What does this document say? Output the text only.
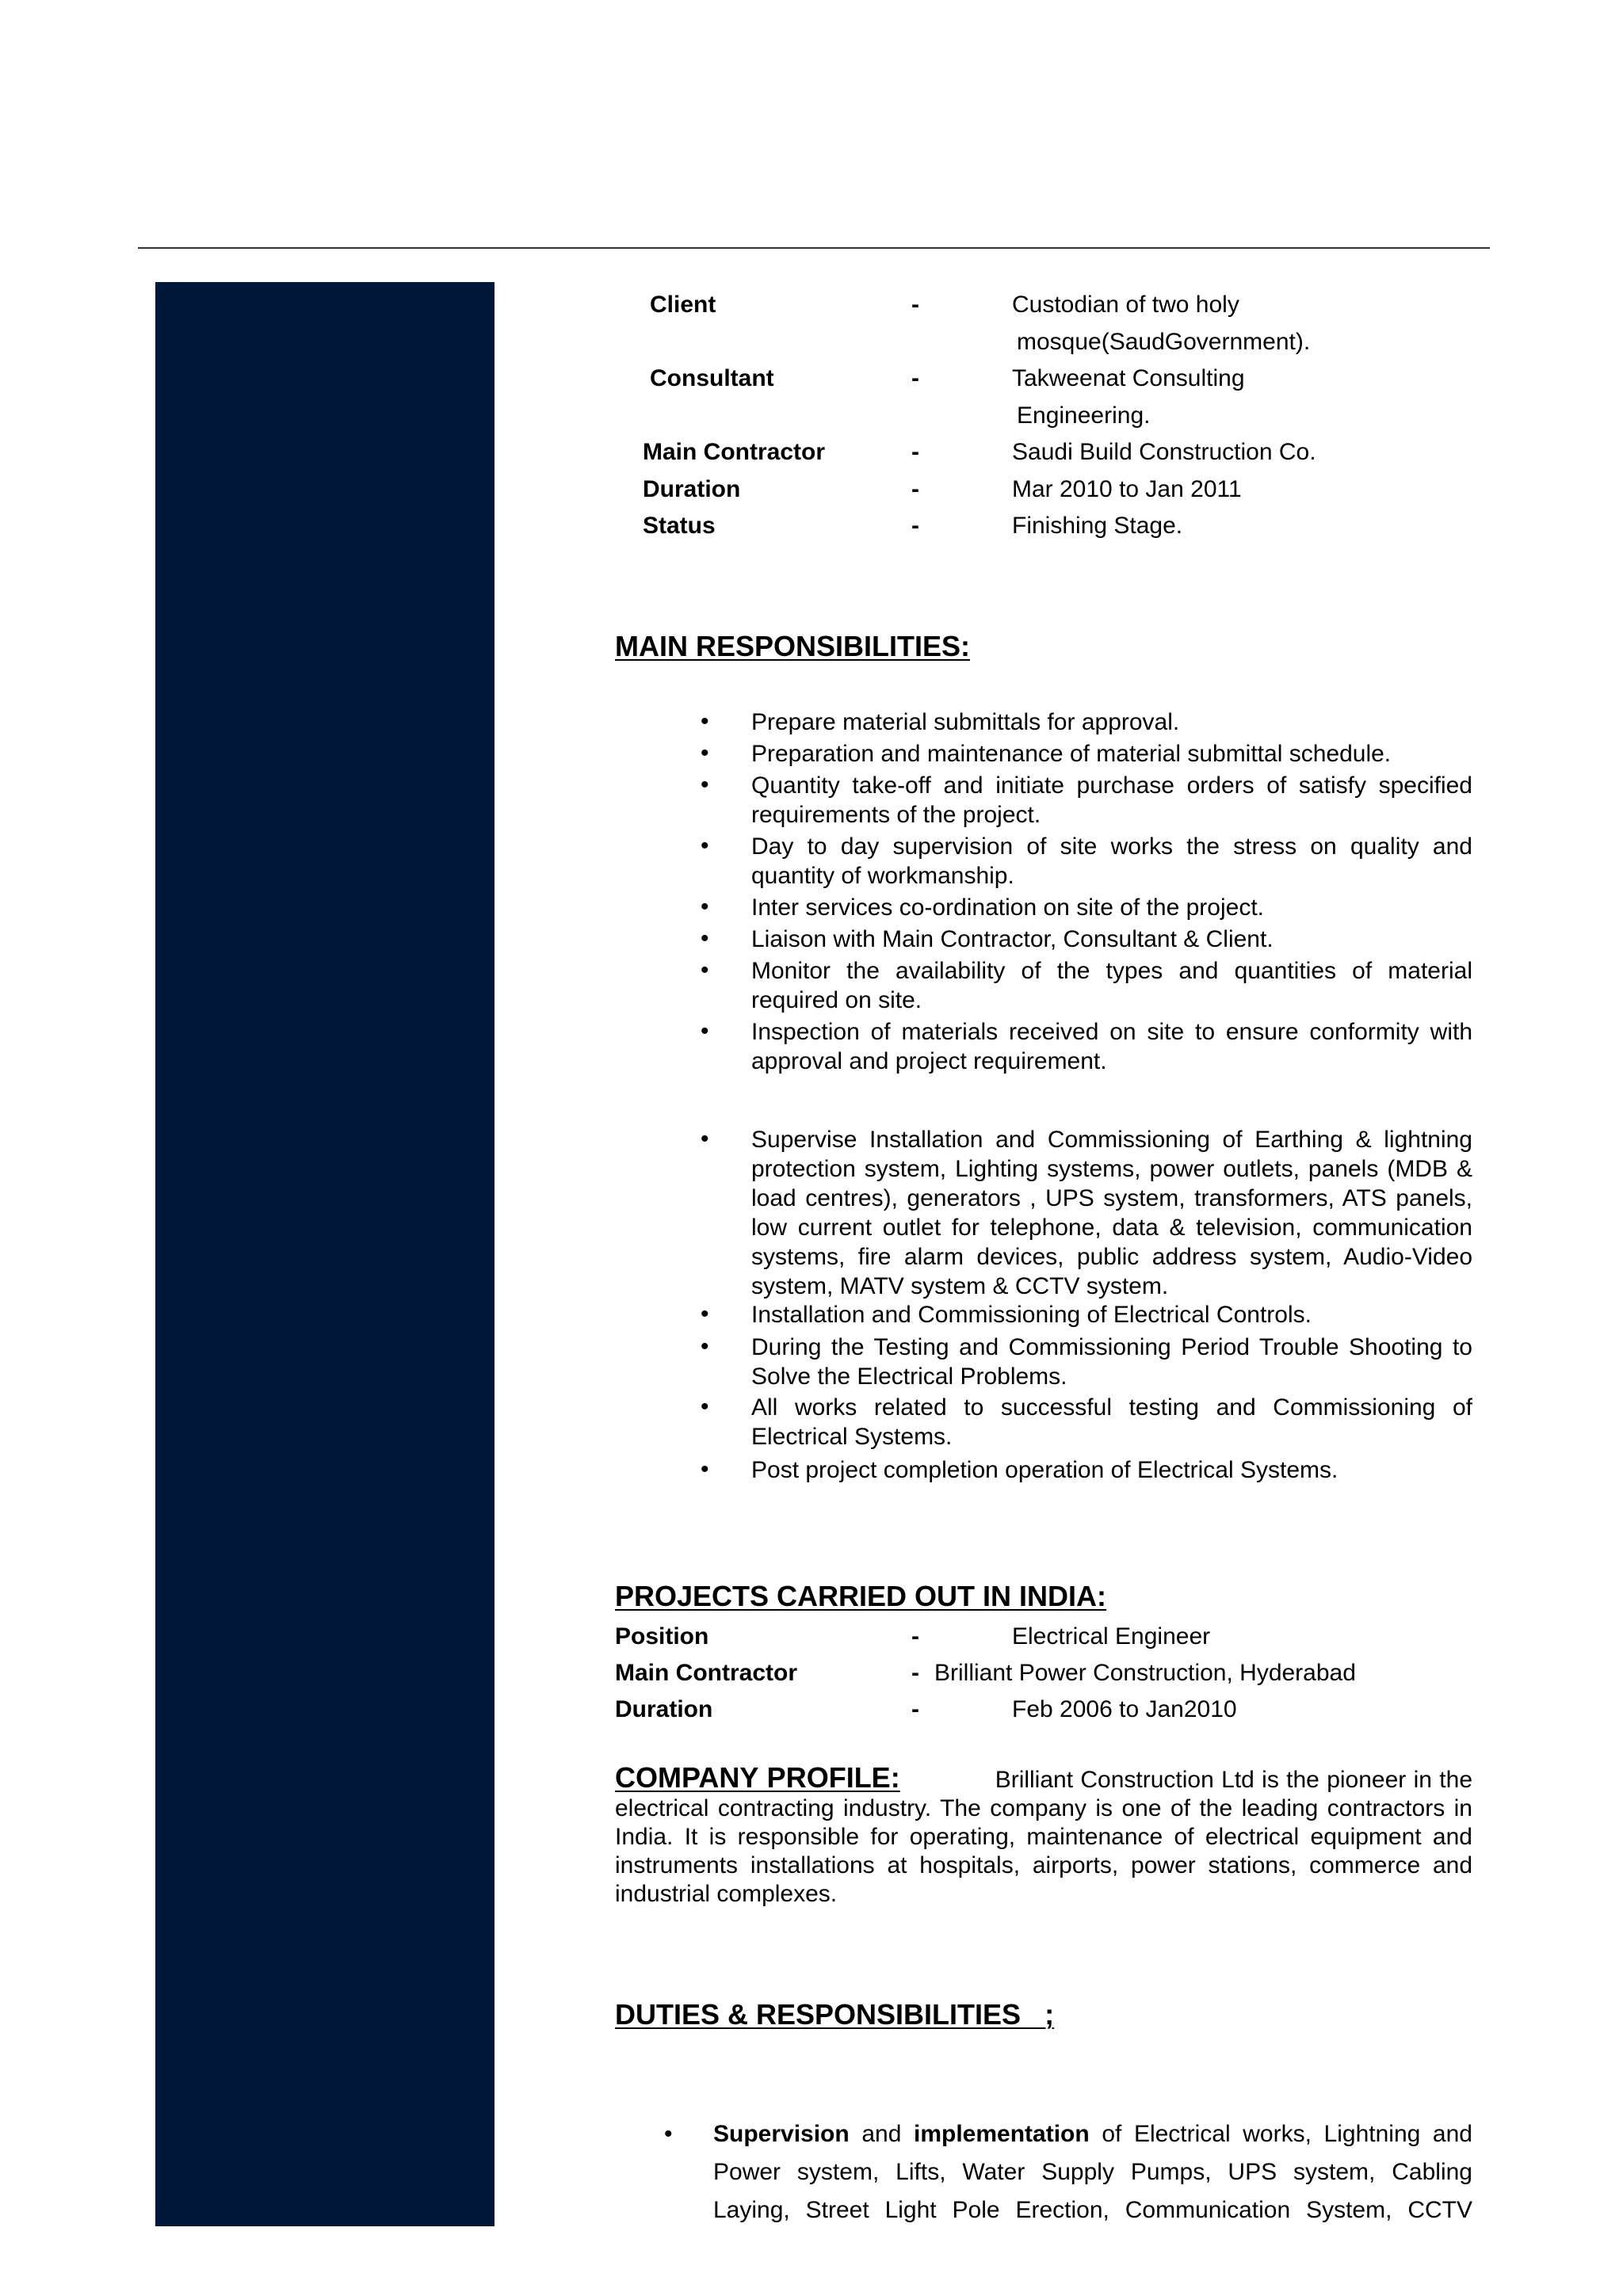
Client	-	Custodian of two holy
mosque(SaudGovernment).
Consultant	-	Takweenat Consulting
Engineering.
Main Contractor	-	Saudi Build Construction Co.
Duration	-	Mar 2010 to Jan 2011
Status	-	Finishing Stage.
MAIN RESPONSIBILITIES:
• Prepare material submittals for approval.
• Preparation and maintenance of material submittal schedule.
• Quantity take-off and initiate purchase orders of satisfy specified requirements of the project.
• Day to day supervision of site works the stress on quality and quantity of workmanship.
• Inter services co-ordination on site of the project.
• Liaison with Main Contractor, Consultant & Client.
• Monitor the availability of the types and quantities of material required on site.
• Inspection of materials received on site to ensure conformity with approval and project requirement.
• Supervise Installation and Commissioning of Earthing & lightning protection system, Lighting systems, power outlets, panels (MDB & load centres), generators , UPS system, transformers, ATS panels, low current outlet for telephone, data & television, communication systems, fire alarm devices, public address system, Audio-Video system, MATV system & CCTV system.
• Installation and Commissioning of Electrical Controls.
• During the Testing and Commissioning Period Trouble Shooting to Solve the Electrical Problems.
• All works related to successful testing and Commissioning of Electrical Systems.
• Post project completion operation of Electrical Systems.
PROJECTS CARRIED OUT IN INDIA:
Position	-	Electrical Engineer
Main Contractor	- Brilliant Power Construction, Hyderabad
Duration	-	Feb 2006 to Jan2010
COMPANY PROFILE:	Brilliant Construction Ltd is the pioneer in the electrical contracting industry. The company is one of the leading contractors in India. It is responsible for operating, maintenance of electrical equipment and instruments installations at hospitals, airports, power stations, commerce and industrial complexes.
DUTIES & RESPONSIBILITIES   ;
• Supervision and implementation of Electrical works, Lightning and
Power system, Lifts, Water Supply Pumps, UPS system, Cabling
Laying, Street Light Pole Erection, Communication System, CCTV
